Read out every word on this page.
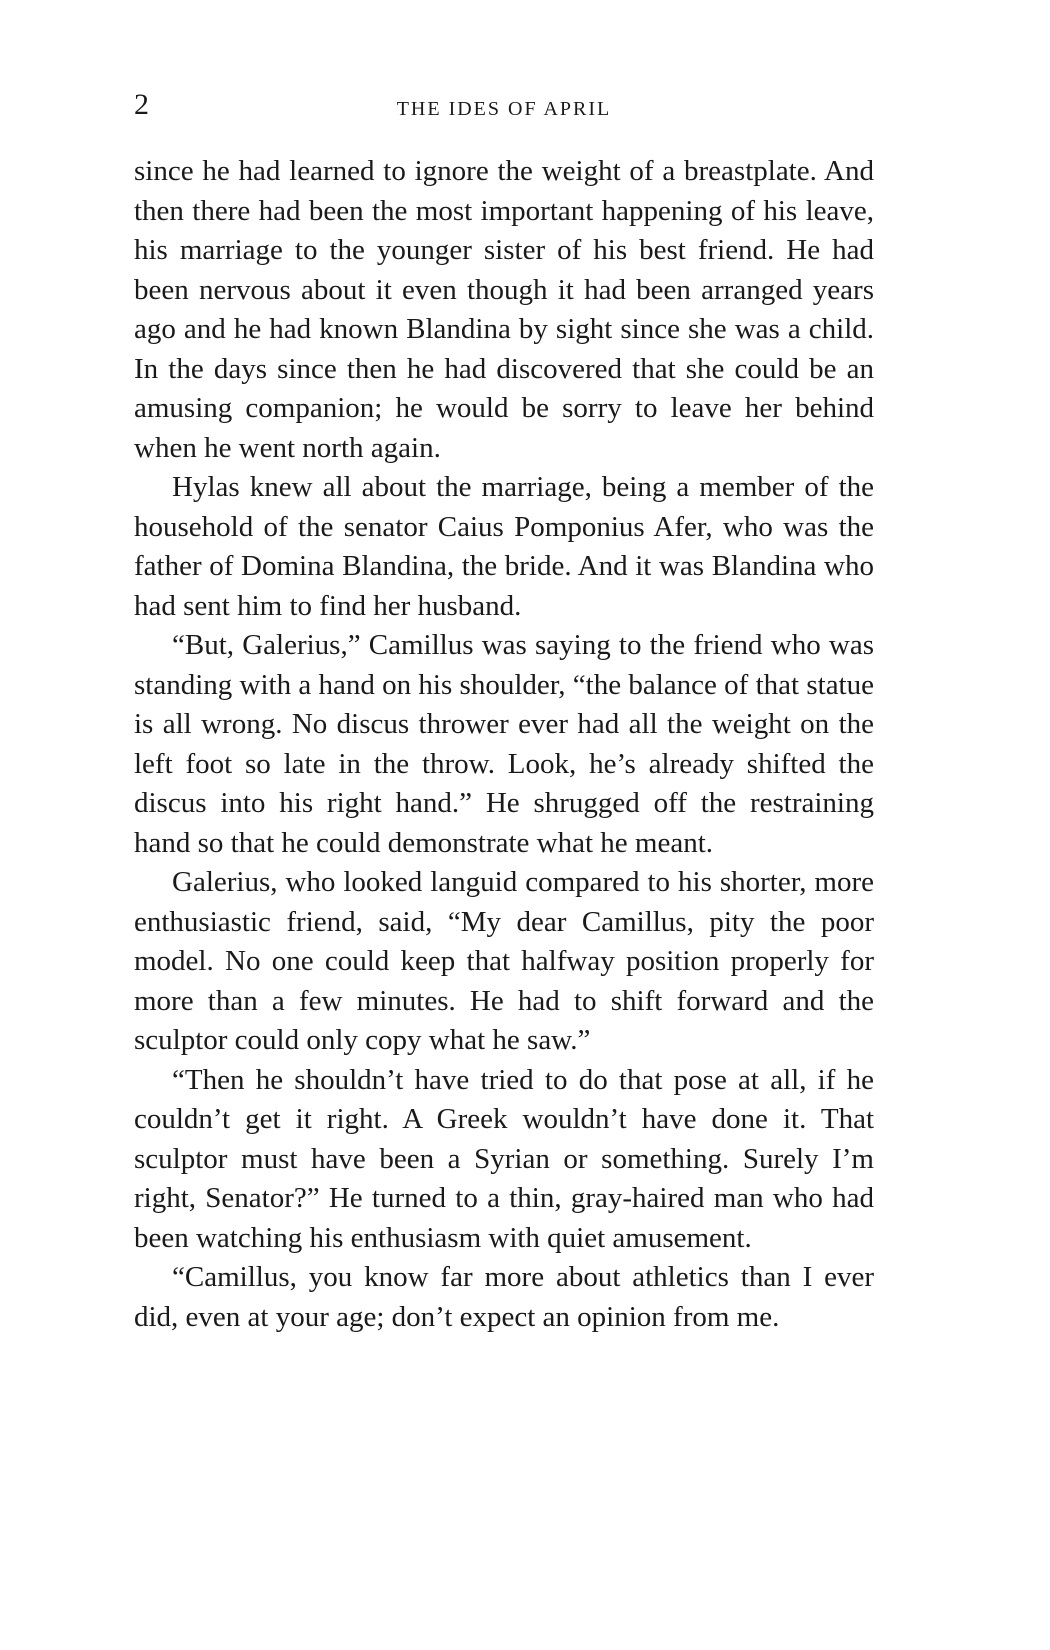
2	THE IDES OF APRIL

since he had learned to ignore the weight of a breastplate. And then there had been the most important happening of his leave, his marriage to the younger sister of his best friend. He had been nervous about it even though it had been arranged years ago and he had known Blandina by sight since she was a child. In the days since then he had discovered that she could be an amusing companion; he would be sorry to leave her behind when he went north again.

Hylas knew all about the marriage, being a member of the household of the senator Caius Pomponius Afer, who was the father of Domina Blandina, the bride. And it was Blandina who had sent him to find her husband.

“But, Galerius,” Camillus was saying to the friend who was standing with a hand on his shoulder, “the balance of that statue is all wrong. No discus thrower ever had all the weight on the left foot so late in the throw. Look, he’s already shifted the discus into his right hand.” He shrugged off the restraining hand so that he could demonstrate what he meant.

Galerius, who looked languid compared to his shorter, more enthusiastic friend, said, “My dear Camillus, pity the poor model. No one could keep that halfway position properly for more than a few minutes. He had to shift forward and the sculptor could only copy what he saw.”

“Then he shouldn’t have tried to do that pose at all, if he couldn’t get it right. A Greek wouldn’t have done it. That sculptor must have been a Syrian or something. Surely I’m right, Senator?” He turned to a thin, gray-haired man who had been watching his enthusiasm with quiet amusement.

“Camillus, you know far more about athletics than I ever did, even at your age; don’t expect an opinion from me.
